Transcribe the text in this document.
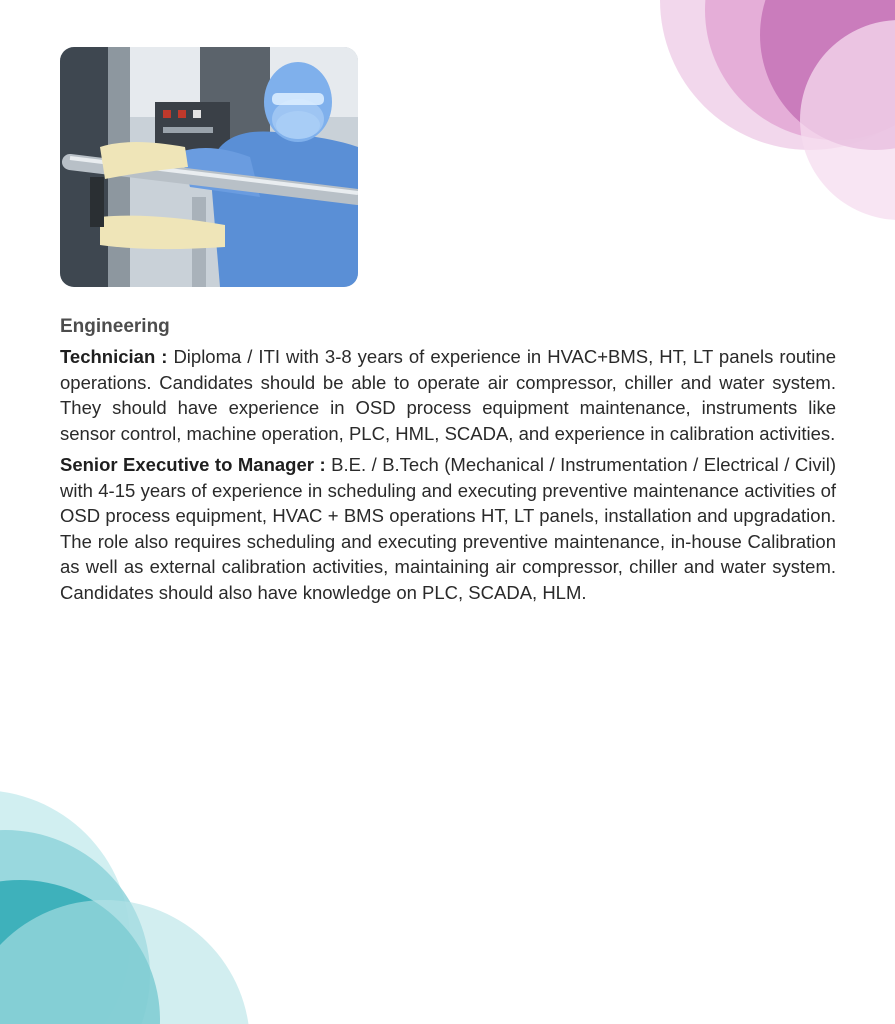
Engineering

Technician : Diploma / ITI with 3-8 years of experience in HVAC+BMS, HT, LT panels routine operations. Candidates should be able to operate air compressor, chiller and water system. They should have experience in OSD process equipment maintenance, instruments like sensor control, machine operation, PLC, HML, SCADA, and experience in calibration activities.

Senior Executive to Manager : B.E. / B.Tech (Mechanical / Instrumentation / Electrical / Civil) with 4-15 years of experience in scheduling and executing preventive maintenance activities of OSD process equipment, HVAC + BMS operations HT, LT panels, installation and upgradation. The role also requires scheduling and executing preventive maintenance, in-house Calibration as well as external calibration activities, maintaining air compressor, chiller and water system. Candidates should also have knowledge on PLC, SCADA, HLM.
